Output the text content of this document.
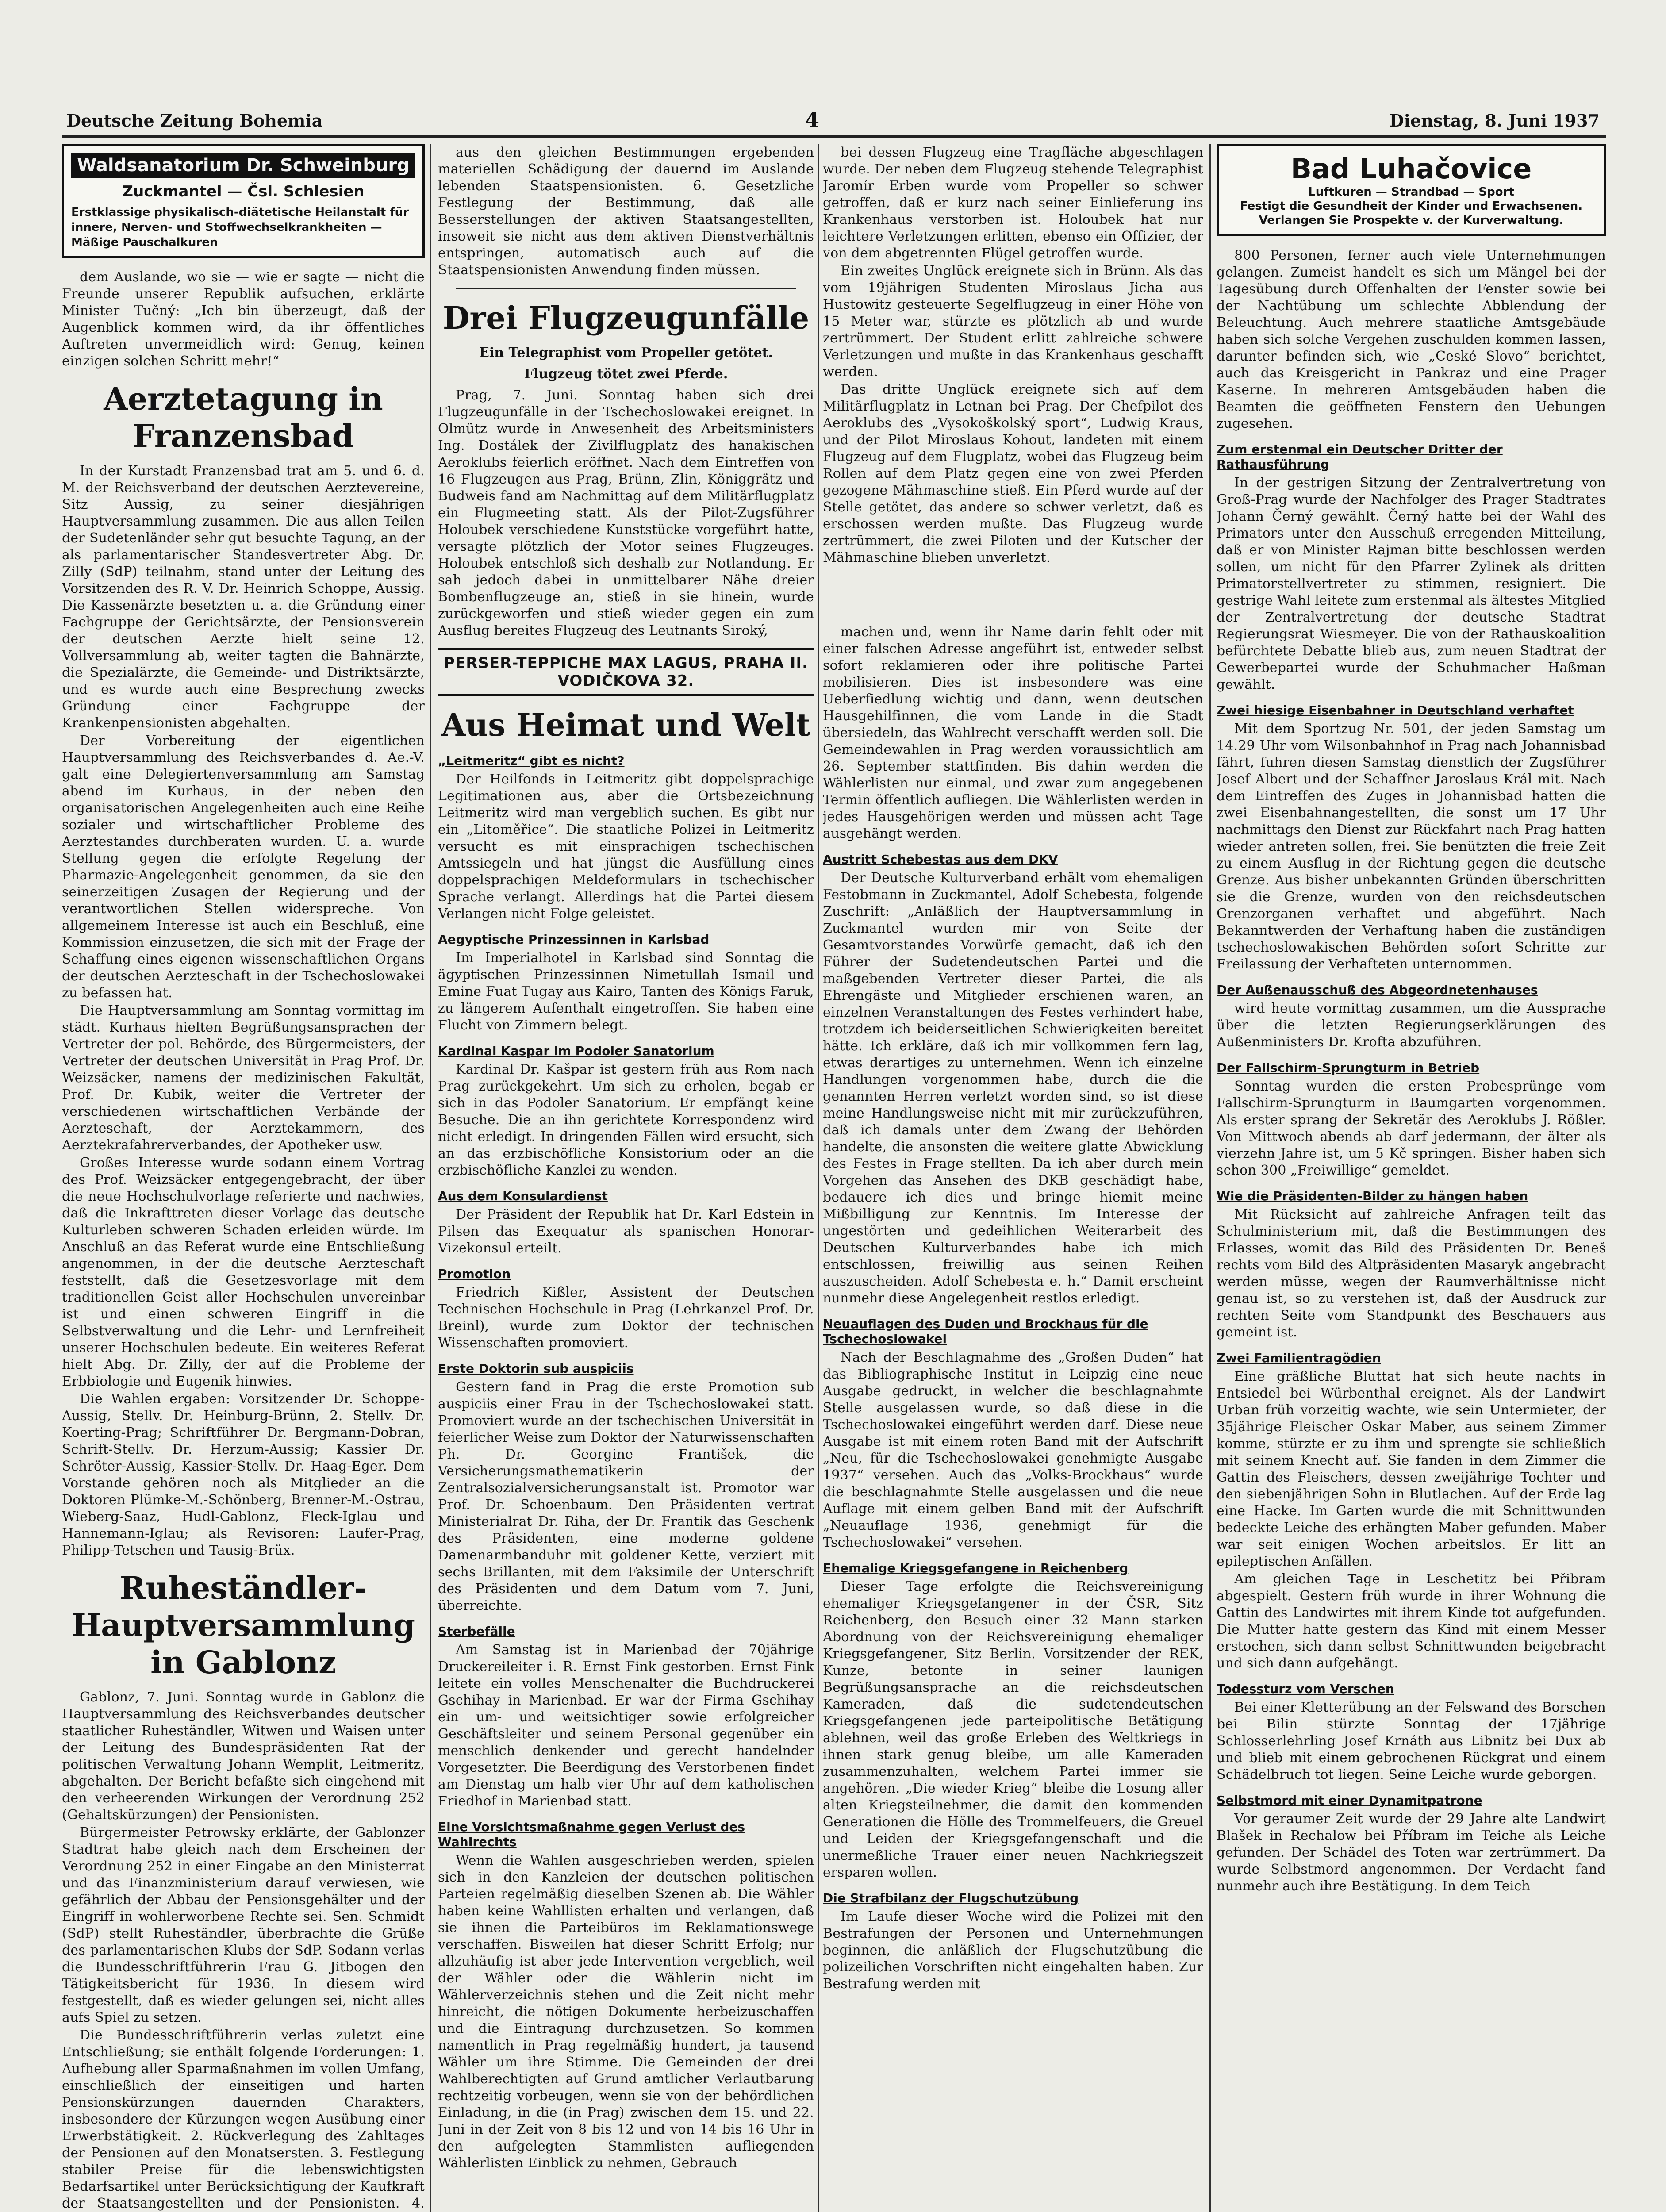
Deutsche Zeitung Bohemia	4	Dienstag, 8. Juni 1937
Waldsanatorium Dr. Schweinburg
Zuckmantel — Čsl. Schlesien
Erstklassige physikalisch-diätetische Heilanstalt für innere, Nerven- und Stoffwechselkrankheiten — Mäßige Pauschalkuren

dem Auslande, wo sie — wie er sagte — nicht die Freunde unserer Republik aufsuchen, erklärte Minister Tučný: „Ich bin überzeugt, daß der Augenblick kommen wird, da ihr öffentliches Auftreten unvermeidlich wird: Genug, keinen einzigen solchen Schritt mehr!“

Aerztetagung in Franzensbad

In der Kurstadt Franzensbad trat am 5. und 6. d. M. der Reichsverband der deutschen Aerztevereine, Sitz Aussig, zu seiner diesjährigen Hauptversammlung zusammen. Die aus allen Teilen der Sudetenländer sehr gut besuchte Tagung, an der als parlamentarischer Standesvertreter Abg. Dr. Zilly (SdP) teilnahm, stand unter der Leitung des Vorsitzenden des R. V. Dr. Heinrich Schoppe, Aussig. Die Kassenärzte besetzten u. a. die Gründung einer Fachgruppe der Gerichtsärzte, der Pensionsverein der deutschen Aerzte hielt seine 12. Vollversammlung ab, weiter tagten die Bahnärzte, die Spezialärzte, die Gemeinde- und Distriktsärzte, und es wurde auch eine Besprechung zwecks Gründung einer Fachgruppe der Krankenpensionisten abgehalten.

Der Vorbereitung der eigentlichen Hauptversammlung des Reichsverbandes d. Ae.-V. galt eine Delegiertenversammlung am Samstag abend im Kurhaus, in der neben den organisatorischen Angelegenheiten auch eine Reihe sozialer und wirtschaftlicher Probleme des Aerztestandes durchberaten wurden. U. a. wurde Stellung gegen die erfolgte Regelung der Pharmazie-Angelegenheit genommen, da sie den seinerzeitigen Zusagen der Regierung und der verantwortlichen Stellen widerspreche. Von allgemeinem Interesse ist auch ein Beschluß, eine Kommission einzusetzen, die sich mit der Frage der Schaffung eines eigenen wissenschaftlichen Organs der deutschen Aerzteschaft in der Tschechoslowakei zu befassen hat.

Die Hauptversammlung am Sonntag vormittag im städt. Kurhaus hielten Begrüßungsansprachen der Vertreter der pol. Behörde, des Bürgermeisters, der Vertreter der deutschen Universität in Prag Prof. Dr. Weizsäcker, namens der medizinischen Fakultät, Prof. Dr. Kubik, weiter die Vertreter der verschiedenen wirtschaftlichen Verbände der Aerzteschaft, der Aerztekammern, des Aerztekrafahrerverbandes, der Apotheker usw.

Großes Interesse wurde sodann einem Vortrag des Prof. Weizsäcker entgegengebracht, der über die neue Hochschulvorlage referierte und nachwies, daß die Inkrafttreten dieser Vorlage das deutsche Kulturleben schweren Schaden erleiden würde. Im Anschluß an das Referat wurde eine Entschließung angenommen, in der die deutsche Aerzteschaft feststellt, daß die Gesetzesvorlage mit dem traditionellen Geist aller Hochschulen unvereinbar ist und einen schweren Eingriff in die Selbstverwaltung und die Lehr- und Lernfreiheit unserer Hochschulen bedeute. Ein weiteres Referat hielt Abg. Dr. Zilly, der auf die Probleme der Erbbiologie und Eugenik hinwies.

Die Wahlen ergaben: Vorsitzender Dr. Schoppe-Aussig, Stellv. Dr. Heinburg-Brünn, 2. Stellv. Dr. Koerting-Prag; Schriftführer Dr. Bergmann-Dobran, Schrift-Stellv. Dr. Herzum-Aussig; Kassier Dr. Schröter-Aussig, Kassier-Stellv. Dr. Haag-Eger. Dem Vorstande gehören noch als Mitglieder an die Doktoren Plümke-M.-Schönberg, Brenner-M.-Ostrau, Wieberg-Saaz, Hudl-Gablonz, Fleck-Iglau und Hannemann-Iglau; als Revisoren: Laufer-Prag, Philipp-Tetschen und Tausig-Brüx.

Ruheständler-Hauptversammlung in Gablonz

Gablonz, 7. Juni. Sonntag wurde in Gablonz die Hauptversammlung des Reichsverbandes deutscher staatlicher Ruheständler, Witwen und Waisen unter der Leitung des Bundespräsidenten Rat der politischen Verwaltung Johann Wemplit, Leitmeritz, abgehalten. Der Bericht befaßte sich eingehend mit den verheerenden Wirkungen der Verordnung 252 (Gehaltskürzungen) der Pensionisten.

Bürgermeister Petrowsky erklärte, der Gablonzer Stadtrat habe gleich nach dem Erscheinen der Verordnung 252 in einer Eingabe an den Ministerrat und das Finanzministerium darauf verwiesen, wie gefährlich der Abbau der Pensionsgehälter und der Eingriff in wohlerworbene Rechte sei. Sen. Schmidt (SdP) stellt Ruheständler, überbrachte die Grüße des parlamentarischen Klubs der SdP. Sodann verlas die Bundesschriftführerin Frau G. Jitbogen den Tätigkeitsbericht für 1936. In diesem wird festgestellt, daß es wieder gelungen sei, nicht alles aufs Spiel zu setzen.

Die Bundesschriftführerin verlas zuletzt eine Entschließung; sie enthält folgende Forderungen: 1. Aufhebung aller Sparmaßnahmen im vollen Umfang, einschließlich der einseitigen und harten Pensionskürzungen dauernden Charakters, insbesondere der Kürzungen wegen Ausübung einer Erwerbstätigkeit. 2. Rückverlegung des Zahltages der Pensionen auf den Monatsersten. 3. Festlegung stabiler Preise für die lebenswichtigsten Bedarfsartikel unter Berücksichtigung der Kaufkraft der Staatsangestellten und der Pensionisten. 4.

aus den gleichen Bestimmungen ergebenden materiellen Schädigung der dauernd im Auslande lebenden Staatspensionisten. 6. Gesetzliche Festlegung der Bestimmung, daß alle Besserstellungen der aktiven Staatsangestellten, insoweit sie nicht aus dem aktiven Dienstverhältnis entspringen, automatisch auch auf die Staatspensionisten Anwendung finden müssen.

Drei Flugzeugunfälle
Ein Telegraphist vom Propeller getötet.
Flugzeug tötet zwei Pferde.

Prag, 7. Juni. Sonntag haben sich drei Flugzeugunfälle in der Tschechoslowakei ereignet. In Olmütz wurde in Anwesenheit des Arbeitsministers Ing. Dostálek der Zivilflugplatz des hanakischen Aeroklubs feierlich eröffnet. Nach dem Eintreffen von 16 Flugzeugen aus Prag, Brünn, Zlin, Königgrätz und Budweis fand am Nachmittag auf dem Militärflugplatz ein Flugmeeting statt. Als der Pilot-Zugsführer Holoubek verschiedene Kunststücke vorgeführt hatte, versagte plötzlich der Motor seines Flugzeuges. Holoubek entschloß sich deshalb zur Notlandung. Er sah jedoch dabei in unmittelbarer Nähe dreier Bombenflugzeuge an, stieß in sie hinein, wurde zurückgeworfen und stieß wieder gegen ein zum Ausflug bereites Flugzeug des Leutnants Siroký,

PERSER-TEPPICHE MAX LAGUS, PRAHA II. VODIČKOVA 32.
Aus Heimat und Welt
„Leitmeritz“ gibt es nicht?

Der Heilfonds in Leitmeritz gibt doppelsprachige Legitimationen aus, aber die Ortsbezeichnung Leitmeritz wird man vergeblich suchen. Es gibt nur ein „Litoměřice“. Die staatliche Polizei in Leitmeritz versucht es mit einsprachigen tschechischen Amtssiegeln und hat jüngst die Ausfüllung eines doppelsprachigen Meldeformulars in tschechischer Sprache verlangt. Allerdings hat die Partei diesem Verlangen nicht Folge geleistet.

Aegyptische Prinzessinnen in Karlsbad

Im Imperialhotel in Karlsbad sind Sonntag die ägyptischen Prinzessinnen Nimetullah Ismail und Emine Fuat Tugay aus Kairo, Tanten des Königs Faruk, zu längerem Aufenthalt eingetroffen. Sie haben eine Flucht von Zimmern belegt.

Kardinal Kaspar im Podoler Sanatorium

Kardinal Dr. Kašpar ist gestern früh aus Rom nach Prag zurückgekehrt. Um sich zu erholen, begab er sich in das Podoler Sanatorium. Er empfängt keine Besuche. Die an ihn gerichtete Korrespondenz wird nicht erledigt. In dringenden Fällen wird ersucht, sich an das erzbischöfliche Konsistorium oder an die erzbischöfliche Kanzlei zu wenden.

Aus dem Konsulardienst

Der Präsident der Republik hat Dr. Karl Edstein in Pilsen das Exequatur als spanischen Honorar-Vizekonsul erteilt.

Promotion

Friedrich Kißler, Assistent der Deutschen Technischen Hochschule in Prag (Lehrkanzel Prof. Dr. Breinl), wurde zum Doktor der technischen Wissenschaften promoviert.

Erste Doktorin sub auspiciis

Gestern fand in Prag die erste Promotion sub auspiciis einer Frau in der Tschechoslowakei statt. Promoviert wurde an der tschechischen Universität in feierlicher Weise zum Doktor der Naturwissenschaften Ph. Dr. Georgine František, die Versicherungsmathematikerin der Zentralsozialversicherungsanstalt ist. Promotor war Prof. Dr. Schoenbaum. Den Präsidenten vertrat Ministerialrat Dr. Riha, der Dr. Frantik das Geschenk des Präsidenten, eine moderne goldene Damenarmbanduhr mit goldener Kette, verziert mit sechs Brillanten, mit dem Faksimile der Unterschrift des Präsidenten und dem Datum vom 7. Juni, überreichte.

Sterbefälle

Am Samstag ist in Marienbad der 70jährige Druckereileiter i. R. Ernst Fink gestorben. Ernst Fink leitete ein volles Menschenalter die Buchdruckerei Gschihay in Marienbad. Er war der Firma Gschihay ein um- und weitsichtiger sowie erfolgreicher Geschäftsleiter und seinem Personal gegenüber ein menschlich denkender und gerecht handelnder Vorgesetzter. Die Beerdigung des Verstorbenen findet am Dienstag um halb vier Uhr auf dem katholischen Friedhof in Marienbad statt.

Eine Vorsichtsmaßnahme gegen Verlust des Wahlrechts

Wenn die Wahlen ausgeschrieben werden, spielen sich in den Kanzleien der deutschen politischen Parteien regelmäßig dieselben Szenen ab. Die Wähler haben keine Wahllisten erhalten und verlangen, daß sie ihnen die Parteibüros im Reklamationswege verschaffen. Bisweilen hat dieser Schritt Erfolg; nur allzuhäufig ist aber jede Intervention vergeblich, weil der Wähler oder die Wählerin nicht im Wählerverzeichnis stehen und die Zeit nicht mehr hinreicht, die nötigen Dokumente herbeizuschaffen und die Eintragung durchzusetzen. So kommen namentlich in Prag regelmäßig hundert, ja tausend Wähler um ihre Stimme. Die Gemeinden der drei Wahlberechtigten auf Grund amtlicher Verlautbarung rechtzeitig vorbeugen, wenn sie von der behördlichen Einladung, in die (in Prag) zwischen dem 15. und 22. Juni in der Zeit von 8 bis 12 und von 14 bis 16 Uhr in den aufgelegten Stammlisten aufliegenden Wählerlisten Einblick zu nehmen, Gebrauch

bei dessen Flugzeug eine Tragfläche abgeschlagen wurde. Der neben dem Flugzeug stehende Telegraphist Jaromír Erben wurde vom Propeller so schwer getroffen, daß er kurz nach seiner Einlieferung ins Krankenhaus verstorben ist. Holoubek hat nur leichtere Verletzungen erlitten, ebenso ein Offizier, der von dem abgetrennten Flügel getroffen wurde.

Ein zweites Unglück ereignete sich in Brünn. Als das vom 19jährigen Studenten Miroslaus Jicha aus Hustowitz gesteuerte Segelflugzeug in einer Höhe von 15 Meter war, stürzte es plötzlich ab und wurde zertrümmert. Der Student erlitt zahlreiche schwere Verletzungen und mußte in das Krankenhaus geschafft werden.

Das dritte Unglück ereignete sich auf dem Militärflugplatz in Letnan bei Prag. Der Chefpilot des Aeroklubs des „Vysokoškolský sport“, Ludwig Kraus, und der Pilot Miroslaus Kohout, landeten mit einem Flugzeug auf dem Flugplatz, wobei das Flugzeug beim Rollen auf dem Platz gegen eine von zwei Pferden gezogene Mähmaschine stieß. Ein Pferd wurde auf der Stelle getötet, das andere so schwer verletzt, daß es erschossen werden mußte. Das Flugzeug wurde zertrümmert, die zwei Piloten und der Kutscher der Mähmaschine blieben unverletzt.

machen und, wenn ihr Name darin fehlt oder mit einer falschen Adresse angeführt ist, entweder selbst sofort reklamieren oder ihre politische Partei mobilisieren. Dies ist insbesondere was eine Ueberfiedlung wichtig und dann, wenn deutschen Hausgehilfinnen, die vom Lande in die Stadt übersiedeln, das Wahlrecht verschafft werden soll. Die Gemeindewahlen in Prag werden voraussichtlich am 26. September stattfinden. Bis dahin werden die Wählerlisten nur einmal, und zwar zum angegebenen Termin öffentlich aufliegen. Die Wählerlisten werden in jedes Hausgehörigen werden und müssen acht Tage ausgehängt werden.

Austritt Schebestas aus dem DKV

Der Deutsche Kulturverband erhält vom ehemaligen Festobmann in Zuckmantel, Adolf Schebesta, folgende Zuschrift: „Anläßlich der Hauptversammlung in Zuckmantel wurden mir von Seite der Gesamtvorstandes Vorwürfe gemacht, daß ich den Führer der Sudetendeutschen Partei und die maßgebenden Vertreter dieser Partei, die als Ehrengäste und Mitglieder erschienen waren, an einzelnen Veranstaltungen des Festes verhindert habe, trotzdem ich beiderseitlichen Schwierigkeiten bereitet hätte. Ich erkläre, daß ich mir vollkommen fern lag, etwas derartiges zu unternehmen. Wenn ich einzelne Handlungen vorgenommen habe, durch die die genannten Herren verletzt worden sind, so ist diese meine Handlungsweise nicht mit mir zurückzuführen, daß ich damals unter dem Zwang der Behörden handelte, die ansonsten die weitere glatte Abwicklung des Festes in Frage stellten. Da ich aber durch mein Vorgehen das Ansehen des DKB geschädigt habe, bedauere ich dies und bringe hiemit meine Mißbilligung zur Kenntnis. Im Interesse der ungestörten und gedeihlichen Weiterarbeit des Deutschen Kulturverbandes habe ich mich entschlossen, freiwillig aus seinen Reihen auszuscheiden. Adolf Schebesta e. h.“ Damit erscheint nunmehr diese Angelegenheit restlos erledigt.

Neuauflagen des Duden und Brockhaus für die Tschechoslowakei

Nach der Beschlagnahme des „Großen Duden“ hat das Bibliographische Institut in Leipzig eine neue Ausgabe gedruckt, in welcher die beschlagnahmte Stelle ausgelassen wurde, so daß diese in die Tschechoslowakei eingeführt werden darf. Diese neue Ausgabe ist mit einem roten Band mit der Aufschrift „Neu, für die Tschechoslowakei genehmigte Ausgabe 1937“ versehen. Auch das „Volks-Brockhaus“ wurde die beschlagnahmte Stelle ausgelassen und die neue Auflage mit einem gelben Band mit der Aufschrift „Neuauflage 1936, genehmigt für die Tschechoslowakei“ versehen.

Ehemalige Kriegsgefangene in Reichenberg

Dieser Tage erfolgte die Reichsvereinigung ehemaliger Kriegsgefangener in der ČSR, Sitz Reichenberg, den Besuch einer 32 Mann starken Abordnung von der Reichsvereinigung ehemaliger Kriegsgefangener, Sitz Berlin. Vorsitzender der REK, Kunze, betonte in seiner launigen Begrüßungsansprache an die reichsdeutschen Kameraden, daß die sudetendeutschen Kriegsgefangenen jede parteipolitische Betätigung ablehnen, weil das große Erleben des Weltkriegs in ihnen stark genug bleibe, um alle Kameraden zusammenzuhalten, welchem Partei immer sie angehören. „Die wieder Krieg“ bleibe die Losung aller alten Kriegsteilnehmer, die damit den kommenden Generationen die Hölle des Trommelfeuers, die Greuel und Leiden der Kriegsgefangenschaft und die unermeßliche Trauer einer neuen Nachkriegszeit ersparen wollen.

Die Strafbilanz der Flugschutzübung

Im Laufe dieser Woche wird die Polizei mit den Bestrafungen der Personen und Unternehmungen beginnen, die anläßlich der Flugschutzübung die polizeilichen Vorschriften nicht eingehalten haben. Zur Bestrafung werden mit

Bad Luhačovice
Luftkuren — Strandbad — Sport
Festigt die Gesundheit der Kinder und Erwachsenen.
Verlangen Sie Prospekte v. der Kurverwaltung.

800 Personen, ferner auch viele Unternehmungen gelangen. Zumeist handelt es sich um Mängel bei der Tagesübung durch Offenhalten der Fenster sowie bei der Nachtübung um schlechte Abblendung der Beleuchtung. Auch mehrere staatliche Amtsgebäude haben sich solche Vergehen zuschulden kommen lassen, darunter befinden sich, wie „Ceské Slovo“ berichtet, auch das Kreisgericht in Pankraz und eine Prager Kaserne. In mehreren Amtsgebäuden haben die Beamten die geöffneten Fenstern den Uebungen zugesehen.

Zum erstenmal ein Deutscher Dritter der Rathausführung

In der gestrigen Sitzung der Zentralvertretung von Groß-Prag wurde der Nachfolger des Prager Stadtrates Johann Černý gewählt. Černý hatte bei der Wahl des Primators unter den Ausschuß erregenden Mitteilung, daß er von Minister Rajman bitte beschlossen werden sollen, um nicht für den Pfarrer Zylinek als dritten Primatorstellvertreter zu stimmen, resigniert. Die gestrige Wahl leitete zum erstenmal als ältestes Mitglied der Zentralvertretung der deutsche Stadtrat Regierungsrat Wiesmeyer. Die von der Rathauskoalition befürchtete Debatte blieb aus, zum neuen Stadtrat der Gewerbepartei wurde der Schuhmacher Haßman gewählt.

Zwei hiesige Eisenbahner in Deutschland verhaftet

Mit dem Sportzug Nr. 501, der jeden Samstag um 14.29 Uhr vom Wilsonbahnhof in Prag nach Johannisbad fährt, fuhren diesen Samstag dienstlich der Zugsführer Josef Albert und der Schaffner Jaroslaus Král mit. Nach dem Eintreffen des Zuges in Johannisbad hatten die zwei Eisenbahnangestellten, die sonst um 17 Uhr nachmittags den Dienst zur Rückfahrt nach Prag hatten wieder antreten sollen, frei. Sie benützten die freie Zeit zu einem Ausflug in der Richtung gegen die deutsche Grenze. Aus bisher unbekannten Gründen überschritten sie die Grenze, wurden von den reichsdeutschen Grenzorganen verhaftet und abgeführt. Nach Bekanntwerden der Verhaftung haben die zuständigen tschechoslowakischen Behörden sofort Schritte zur Freilassung der Verhafteten unternommen.

Der Außenausschuß des Abgeordnetenhauses

wird heute vormittag zusammen, um die Aussprache über die letzten Regierungserklärungen des Außenministers Dr. Krofta abzuführen.

Der Fallschirm-Sprungturm in Betrieb

Sonntag wurden die ersten Probesprünge vom Fallschirm-Sprungturm in Baumgarten vorgenommen. Als erster sprang der Sekretär des Aeroklubs J. Rößler. Von Mittwoch abends ab darf jedermann, der älter als vierzehn Jahre ist, um 5 Kč springen. Bisher haben sich schon 300 „Freiwillige“ gemeldet.

Wie die Präsidenten-Bilder zu hängen haben

Mit Rücksicht auf zahlreiche Anfragen teilt das Schulministerium mit, daß die Bestimmungen des Erlasses, womit das Bild des Präsidenten Dr. Beneš rechts vom Bild des Altpräsidenten Masaryk angebracht werden müsse, wegen der Raumverhältnisse nicht genau ist, so zu verstehen ist, daß der Ausdruck zur rechten Seite vom Standpunkt des Beschauers aus gemeint ist.

Zwei Familientragödien

Eine gräßliche Bluttat hat sich heute nachts in Entsiedel bei Würbenthal ereignet. Als der Landwirt Urban früh vorzeitig wachte, wie sein Untermieter, der 35jährige Fleischer Oskar Maber, aus seinem Zimmer komme, stürzte er zu ihm und sprengte sie schließlich mit seinem Knecht auf. Sie fanden in dem Zimmer die Gattin des Fleischers, dessen zweijährige Tochter und den siebenjährigen Sohn in Blutlachen. Auf der Erde lag eine Hacke. Im Garten wurde die mit Schnittwunden bedeckte Leiche des erhängten Maber gefunden. Maber war seit einigen Wochen arbeitslos. Er litt an epileptischen Anfällen.

Am gleichen Tage in Leschetitz bei Přibram abgespielt. Gestern früh wurde in ihrer Wohnung die Gattin des Landwirtes mit ihrem Kinde tot aufgefunden. Die Mutter hatte gestern das Kind mit einem Messer erstochen, sich dann selbst Schnittwunden beigebracht und sich dann aufgehängt.

Todessturz vom Verschen

Bei einer Kletterübung an der Felswand des Borschen bei Bilin stürzte Sonntag der 17jährige Schlosserlehrling Josef Krnáth aus Libnitz bei Dux ab und blieb mit einem gebrochenen Rückgrat und einem Schädelbruch tot liegen. Seine Leiche wurde geborgen.

Selbstmord mit einer Dynamitpatrone

Vor geraumer Zeit wurde der 29 Jahre alte Landwirt Blašek in Rechalow bei Příbram im Teiche als Leiche gefunden. Der Schädel des Toten war zertrümmert. Da wurde Selbstmord angenommen. Der Verdacht fand nunmehr auch ihre Bestätigung. In dem Teich
